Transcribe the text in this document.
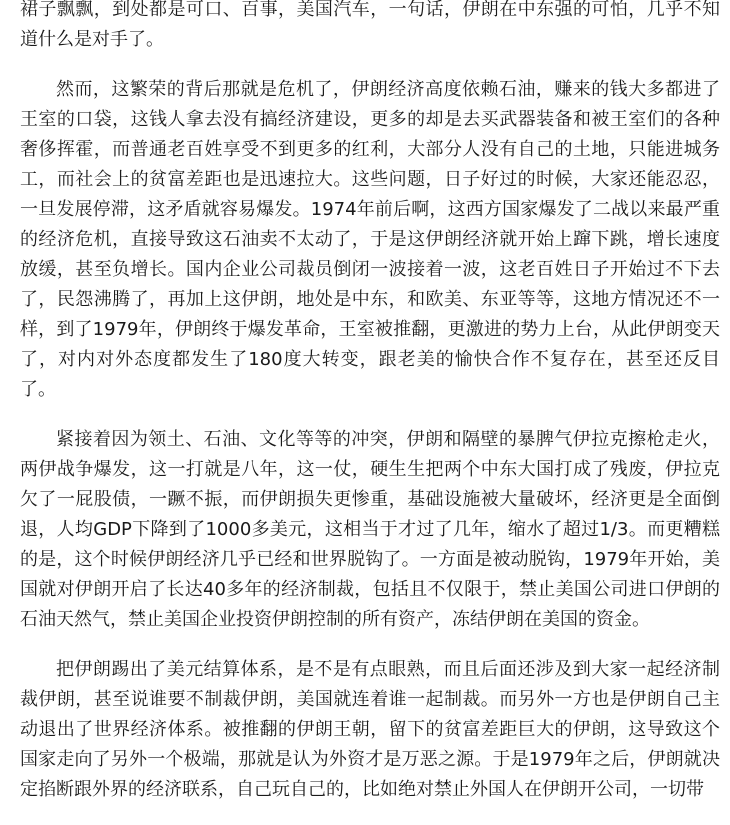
裙子飘飘，到处都是可口、百事，美国汽车，一句话，伊朗在中东强的可怕，几乎不知道什么是对手了。

然而，这繁荣的背后那就是危机了，伊朗经济高度依赖石油，赚来的钱大多都进了王室的口袋，这钱人拿去没有搞经济建设，更多的却是去买武器装备和被王室们的各种奢侈挥霍，而普通老百姓享受不到更多的红利，大部分人没有自己的土地，只能进城务工，而社会上的贫富差距也是迅速拉大。这些问题，日子好过的时候，大家还能忍忍，一旦发展停滞，这矛盾就容易爆发。1974年前后啊，这西方国家爆发了二战以来最严重的经济危机，直接导致这石油卖不太动了，于是这伊朗经济就开始上蹿下跳，增长速度放缓，甚至负增长。国内企业公司裁员倒闭一波接着一波，这老百姓日子开始过不下去了，民怨沸腾了，再加上这伊朗，地处是中东，和欧美、东亚等等，这地方情况还不一样，到了1979年，伊朗终于爆发革命，王室被推翻，更激进的势力上台，从此伊朗变天了，对内对外态度都发生了180度大转变，跟老美的愉快合作不复存在，甚至还反目了。

紧接着因为领土、石油、文化等等的冲突，伊朗和隔壁的暴脾气伊拉克擦枪走火，两伊战争爆发，这一打就是八年，这一仗，硬生生把两个中东大国打成了残废，伊拉克欠了一屁股债，一蹶不振，而伊朗损失更惨重，基础设施被大量破坏，经济更是全面倒退，人均GDP下降到了1000多美元，这相当于才过了几年，缩水了超过1/3。而更糟糕的是，这个时候伊朗经济几乎已经和世界脱钩了。一方面是被动脱钩，1979年开始，美国就对伊朗开启了长达40多年的经济制裁，包括且不仅限于，禁止美国公司进口伊朗的石油天然气，禁止美国企业投资伊朗控制的所有资产，冻结伊朗在美国的资金。

把伊朗踢出了美元结算体系，是不是有点眼熟，而且后面还涉及到大家一起经济制裁伊朗，甚至说谁要不制裁伊朗，美国就连着谁一起制裁。而另外一方也是伊朗自己主动退出了世界经济体系。被推翻的伊朗王朝，留下的贫富差距巨大的伊朗，这导致这个国家走向了另外一个极端，那就是认为外资才是万恶之源。于是1979年之后，伊朗就决定掐断跟外界的经济联系，自己玩自己的，比如绝对禁止外国人在伊朗开公司，一切带
